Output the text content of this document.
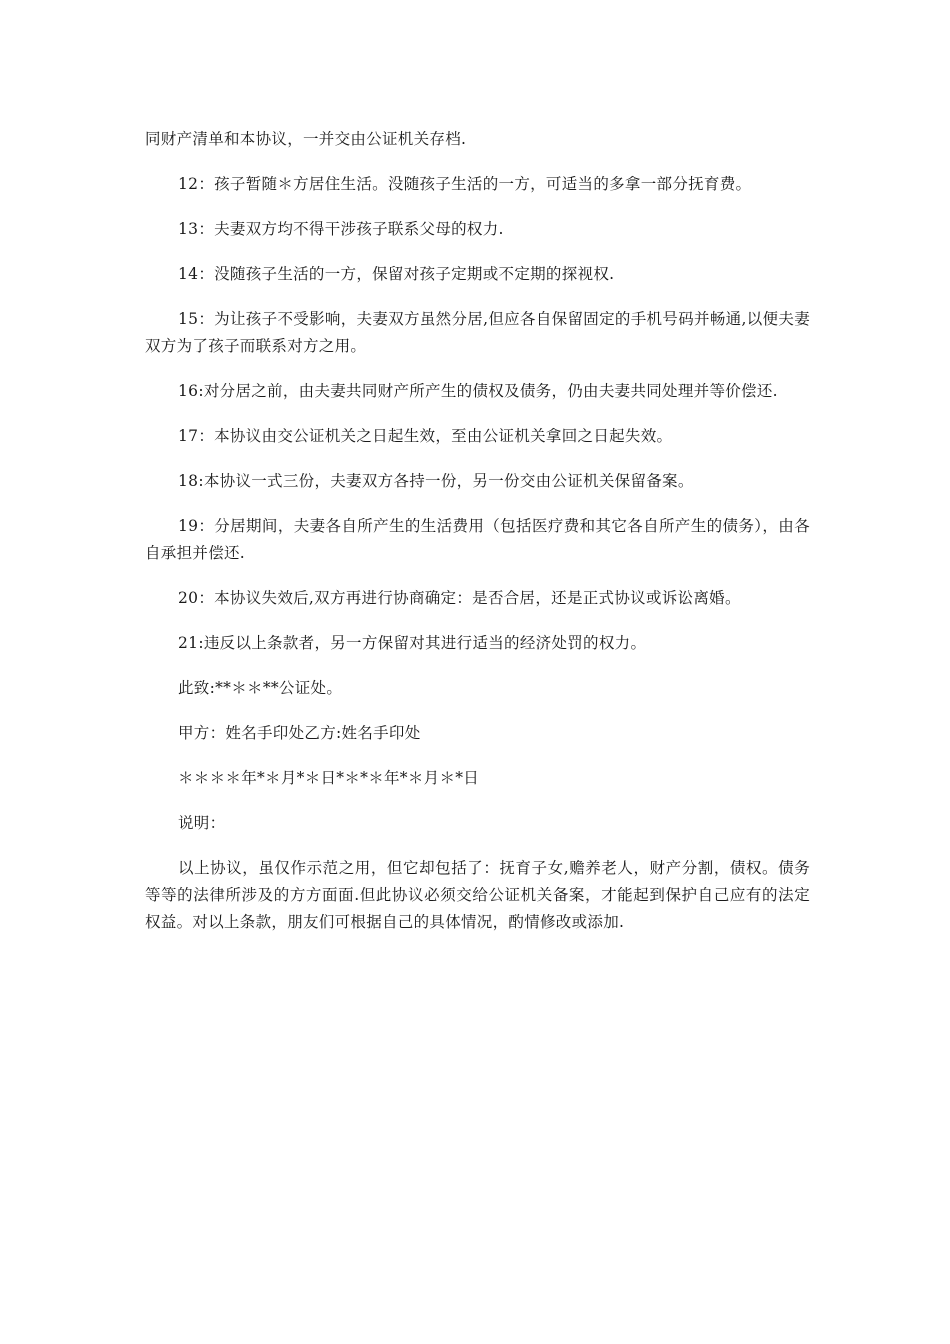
同财产清单和本协议，一并交由公证机关存档.

12：孩子暂随＊方居住生活。没随孩子生活的一方，可适当的多拿一部分抚育费。

13：夫妻双方均不得干涉孩子联系父母的权力.

14：没随孩子生活的一方，保留对孩子定期或不定期的探视权.

15：为让孩子不受影响，夫妻双方虽然分居,但应各自保留固定的手机号码并畅通,以便夫妻双方为了孩子而联系对方之用。

16:对分居之前，由夫妻共同财产所产生的债权及债务，仍由夫妻共同处理并等价偿还.

17：本协议由交公证机关之日起生效，至由公证机关拿回之日起失效。

18:本协议一式三份，夫妻双方各持一份，另一份交由公证机关保留备案。

19：分居期间，夫妻各自所产生的生活费用（包括医疗费和其它各自所产生的债务），由各自承担并偿还.

20：本协议失效后,双方再进行协商确定：是否合居，还是正式协议或诉讼离婚。

21:违反以上条款者，另一方保留对其进行适当的经济处罚的权力。

此致:**＊＊**公证处。

甲方：姓名手印处乙方:姓名手印处

＊＊＊＊年*＊月*＊日*＊*＊年*＊月＊*日

说明：

以上协议，虽仅作示范之用，但它却包括了：抚育子女,赡养老人，财产分割，债权。债务等等的法律所涉及的方方面面.但此协议必须交给公证机关备案，才能起到保护自己应有的法定权益。对以上条款，朋友们可根据自己的具体情况，酌情修改或添加.
